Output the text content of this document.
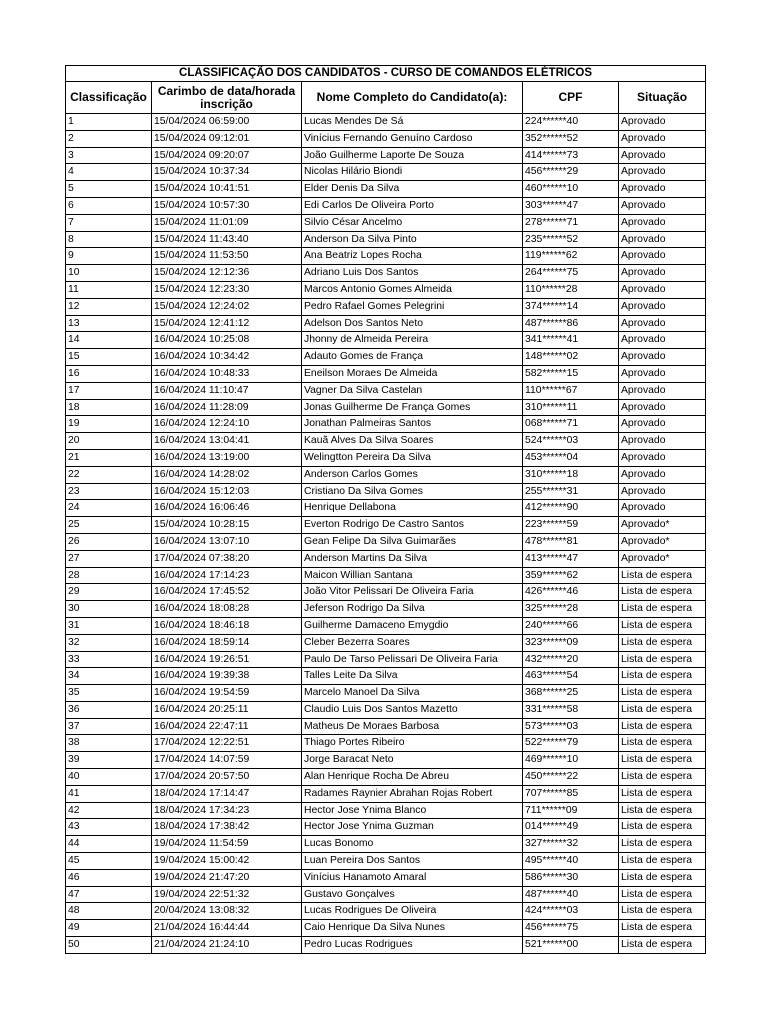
CLASSIFICAÇÃO DOS CANDIDATOS - CURSO DE COMANDOS ELÉTRICOS				
Classificação	Carimbo de data/horada inscrição	Nome Completo do Candidato(a):	CPF	Situação
1	15/04/2024 06:59:00	Lucas Mendes De Sá	224******40	Aprovado
2	15/04/2024 09:12:01	Vinícius Fernando Genuíno Cardoso	352******52	Aprovado
3	15/04/2024 09:20:07	João Guilherme Laporte De Souza	414******73	Aprovado
4	15/04/2024 10:37:34	Nicolas Hilário Biondi	456******29	Aprovado
5	15/04/2024 10:41:51	Elder Denis Da Silva	460******10	Aprovado
6	15/04/2024 10:57:30	Edi Carlos De Oliveira Porto	303******47	Aprovado
7	15/04/2024 11:01:09	Silvio César Ancelmo	278******71	Aprovado
8	15/04/2024 11:43:40	Anderson Da Silva Pinto	235******52	Aprovado
9	15/04/2024 11:53:50	Ana Beatriz Lopes Rocha	119******62	Aprovado
10	15/04/2024 12:12:36	Adriano Luis Dos Santos	264******75	Aprovado
11	15/04/2024 12:23:30	Marcos Antonio Gomes Almeida	110******28	Aprovado
12	15/04/2024 12:24:02	Pedro Rafael Gomes Pelegrini	374******14	Aprovado
13	15/04/2024 12:41:12	Adelson Dos Santos Neto	487******86	Aprovado
14	16/04/2024 10:25:08	Jhonny de Almeida Pereira	341******41	Aprovado
15	16/04/2024 10:34:42	Adauto Gomes de França	148******02	Aprovado
16	16/04/2024 10:48:33	Eneilson Moraes De Almeida	582******15	Aprovado
17	16/04/2024 11:10:47	Vagner Da Silva Castelan	110******67	Aprovado
18	16/04/2024 11:28:09	Jonas Guilherme De França Gomes	310******11	Aprovado
19	16/04/2024 12:24:10	Jonathan Palmeiras Santos	068******71	Aprovado
20	16/04/2024 13:04:41	Kauã Alves Da Silva Soares	524******03	Aprovado
21	16/04/2024 13:19:00	Welingtton Pereira Da Silva	453******04	Aprovado
22	16/04/2024 14:28:02	Anderson Carlos Gomes	310******18	Aprovado
23	16/04/2024 15:12:03	Cristiano Da Silva Gomes	255******31	Aprovado
24	16/04/2024 16:06:46	Henrique Dellabona	412******90	Aprovado
25	15/04/2024 10:28:15	Everton Rodrigo De Castro Santos	223******59	Aprovado*
26	16/04/2024 13:07:10	Gean Felipe Da Silva Guimarães	478******81	Aprovado*
27	17/04/2024 07:38:20	Anderson Martins Da Silva	413******47	Aprovado*
28	16/04/2024 17:14:23	Maicon Willian Santana	359******62	Lista de espera
29	16/04/2024 17:45:52	João Vitor Pelissari De Oliveira Faria	426******46	Lista de espera
30	16/04/2024 18:08:28	Jeferson Rodrigo Da Silva	325******28	Lista de espera
31	16/04/2024 18:46:18	Guilherme Damaceno Emygdio	240******66	Lista de espera
32	16/04/2024 18:59:14	Cleber Bezerra Soares	323******09	Lista de espera
33	16/04/2024 19:26:51	Paulo De Tarso Pelissari De Oliveira Faria	432******20	Lista de espera
34	16/04/2024 19:39:38	Talles Leite Da Silva	463******54	Lista de espera
35	16/04/2024 19:54:59	Marcelo Manoel Da Silva	368******25	Lista de espera
36	16/04/2024 20:25:11	Claudio Luis Dos Santos Mazetto	331******58	Lista de espera
37	16/04/2024 22:47:11	Matheus De Moraes Barbosa	573******03	Lista de espera
38	17/04/2024 12:22:51	Thiago Portes Ribeiro	522******79	Lista de espera
39	17/04/2024 14:07:59	Jorge Baracat Neto	469******10	Lista de espera
40	17/04/2024 20:57:50	Alan Henrique Rocha De Abreu	450******22	Lista de espera
41	18/04/2024 17:14:47	Radames Raynier Abrahan Rojas Robert	707******85	Lista de espera
42	18/04/2024 17:34:23	Hector Jose Ynima Blanco	711******09	Lista de espera
43	18/04/2024 17:38:42	Hector Jose Ynima Guzman	014******49	Lista de espera
44	19/04/2024 11:54:59	Lucas Bonomo	327******32	Lista de espera
45	19/04/2024 15:00:42	Luan Pereira Dos Santos	495******40	Lista de espera
46	19/04/2024 21:47:20	Vinícius Hanamoto Amaral	586******30	Lista de espera
47	19/04/2024 22:51:32	Gustavo Gonçalves	487******40	Lista de espera
48	20/04/2024 13:08:32	Lucas Rodrigues De Oliveira	424******03	Lista de espera
49	21/04/2024 16:44:44	Caio Henrique Da Silva Nunes	456******75	Lista de espera
50	21/04/2024 21:24:10	Pedro Lucas Rodrigues	521******00	Lista de espera
